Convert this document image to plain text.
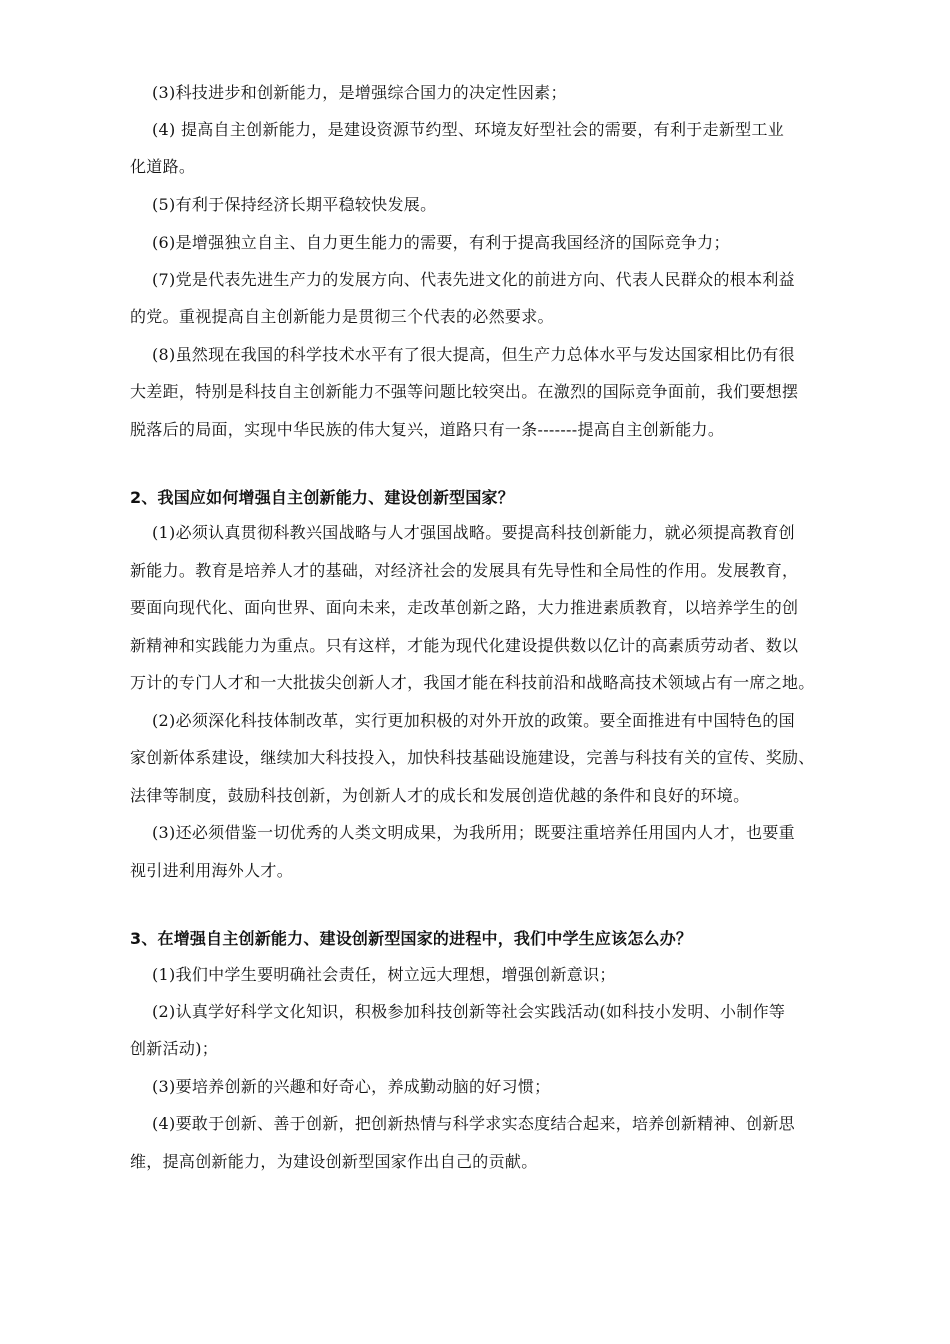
(3)科技进步和创新能力，是增强综合国力的决定性因素；

(4) 提高自主创新能力，是建设资源节约型、环境友好型社会的需要，有利于走新型工业

化道路。

(5)有利于保持经济长期平稳较快发展。

(6)是增强独立自主、自力更生能力的需要，有利于提高我国经济的国际竞争力；

(7)党是代表先进生产力的发展方向、代表先进文化的前进方向、代表人民群众的根本利益

的党。重视提高自主创新能力是贯彻三个代表的必然要求。

(8)虽然现在我国的科学技术水平有了很大提高，但生产力总体水平与发达国家相比仍有很

大差距，特别是科技自主创新能力不强等问题比较突出。在激烈的国际竞争面前，我们要想摆

脱落后的局面，实现中华民族的伟大复兴，道路只有一条-------提高自主创新能力。

2、我国应如何增强自主创新能力、建设创新型国家？

(1)必须认真贯彻科教兴国战略与人才强国战略。要提高科技创新能力，就必须提高教育创

新能力。教育是培养人才的基础，对经济社会的发展具有先导性和全局性的作用。发展教育，

要面向现代化、面向世界、面向未来，走改革创新之路，大力推进素质教育，以培养学生的创

新精神和实践能力为重点。只有这样，才能为现代化建设提供数以亿计的高素质劳动者、数以

万计的专门人才和一大批拔尖创新人才，我国才能在科技前沿和战略高技术领域占有一席之地。

(2)必须深化科技体制改革，实行更加积极的对外开放的政策。要全面推进有中国特色的国

家创新体系建设，继续加大科技投入，加快科技基础设施建设，完善与科技有关的宣传、奖励、

法律等制度，鼓励科技创新，为创新人才的成长和发展创造优越的条件和良好的环境。

(3)还必须借鉴一切优秀的人类文明成果，为我所用；既要注重培养任用国内人才，也要重

视引进利用海外人才。

3、在增强自主创新能力、建设创新型国家的进程中，我们中学生应该怎么办？

(1)我们中学生要明确社会责任，树立远大理想，增强创新意识；

(2)认真学好科学文化知识，积极参加科技创新等社会实践活动(如科技小发明、小制作等

创新活动)；

(3)要培养创新的兴趣和好奇心，养成勤动脑的好习惯；

(4)要敢于创新、善于创新，把创新热情与科学求实态度结合起来，培养创新精神、创新思

维，提高创新能力，为建设创新型国家作出自己的贡献。
